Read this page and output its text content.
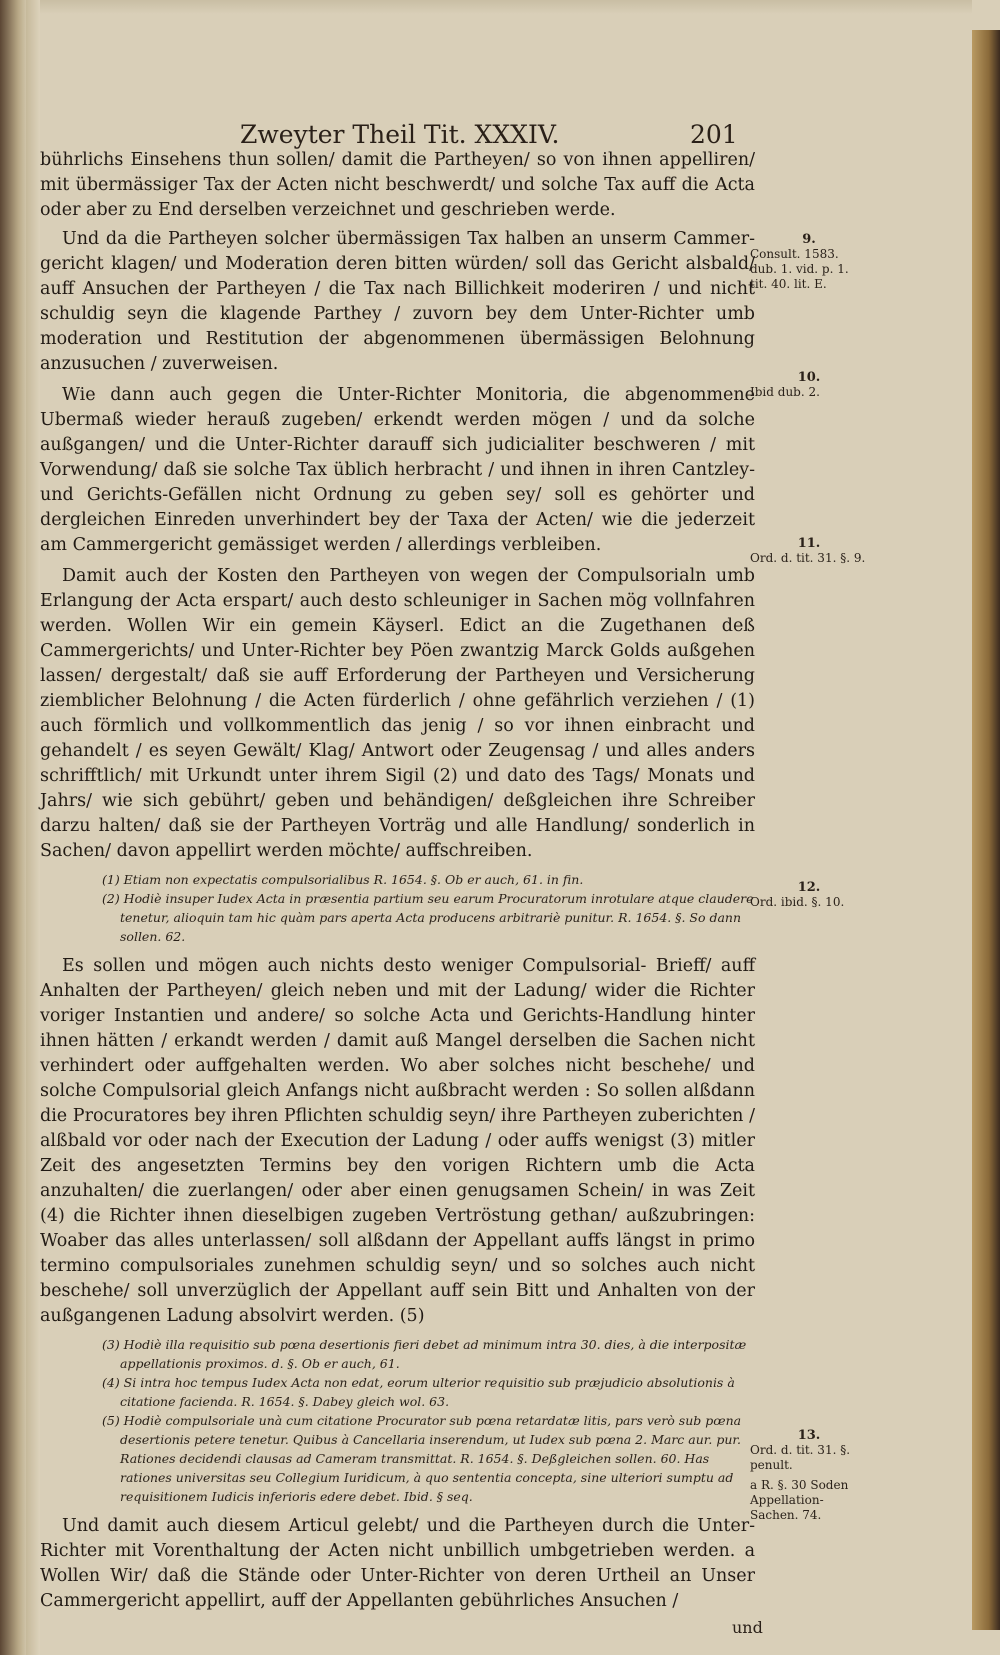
Zweyter Theil Tit. XXXIV.	201

bührlichs Einsehens thun sollen/ damit die Partheyen/ so von ihnen appelliren/ mit übermässiger Tax der Acten nicht beschwerdt/ und solche Tax auff die Acta oder aber zu End derselben verzeichnet und geschrieben werde.

Und da die Partheyen solcher übermässigen Tax halben an unserm Cammer-gericht klagen/ und Moderation deren bitten würden/ soll das Gericht alsbald/ auff Ansuchen der Partheyen / die Tax nach Billichkeit moderiren / und nicht schuldig seyn die klagende Parthey / zuvorn bey dem Unter-Richter umb moderation und Restitution der abgenommenen übermässigen Belohnung anzusuchen / zuverweisen.

Wie dann auch gegen die Unter-Richter Monitoria, die abgenommene Ubermaß wieder herauß zugeben/ erkendt werden mögen / und da solche außgangen/ und die Unter-Richter darauff sich judicialiter beschweren / mit Vorwendung/ daß sie solche Tax üblich herbracht / und ihnen in ihren Cantzley- und Gerichts-Gefällen nicht Ordnung zu geben sey/ soll es gehörter und dergleichen Einreden unverhindert bey der Taxa der Acten/ wie die jederzeit am Cammergericht gemässiget werden / allerdings verbleiben.

Damit auch der Kosten den Partheyen von wegen der Compulsorialn umb Erlangung der Acta erspart/ auch desto schleuniger in Sachen mög vollnfahren werden. Wollen Wir ein gemein Käyserl. Edict an die Zugethanen deß Cammergerichts/ und Unter-Richter bey Pöen zwantzig Marck Golds außgehen lassen/ dergestalt/ daß sie auff Erforderung der Partheyen und Versicherung ziemblicher Belohnung / die Acten fürderlich / ohne gefährlich verziehen / (1) auch förmlich und vollkommentlich das jenig / so vor ihnen einbracht und gehandelt / es seyen Gewält/ Klag/ Antwort oder Zeugensag / und alles anders schrifftlich/ mit Urkundt unter ihrem Sigil (2) und dato des Tags/ Monats und Jahrs/ wie sich gebührt/ geben und behändigen/ deßgleichen ihre Schreiber darzu halten/ daß sie der Partheyen Vorträg und alle Handlung/ sonderlich in Sachen/ davon appellirt werden möchte/ auffschreiben.

(1) Etiam non expectatis compulsorialibus R. 1654. §. Ob er auch, 61. in fin.

(2) Hodiè insuper Iudex Acta in præsentia partium seu earum Procuratorum inrotulare atque claudere tenetur, alioquin tam hic quàm pars aperta Acta producens arbitrariè punitur. R. 1654. §. So dann sollen. 62.

Es sollen und mögen auch nichts desto weniger Compulsorial- Brieff/ auff Anhalten der Partheyen/ gleich neben und mit der Ladung/ wider die Richter voriger Instantien und andere/ so solche Acta und Gerichts-Handlung hinter ihnen hätten / erkandt werden / damit auß Mangel derselben die Sachen nicht verhindert oder auffgehalten werden. Wo aber solches nicht beschehe/ und solche Compulsorial gleich Anfangs nicht außbracht werden : So sollen alßdann die Procuratores bey ihren Pflichten schuldig seyn/ ihre Partheyen zuberichten / alßbald vor oder nach der Execution der Ladung / oder auffs wenigst (3) mitler Zeit des angesetzten Termins bey den vorigen Richtern umb die Acta anzuhalten/ die zuerlangen/ oder aber einen genugsamen Schein/ in was Zeit (4) die Richter ihnen dieselbigen zugeben Vertröstung gethan/ außzubringen: Woaber das alles unterlassen/ soll alßdann der Appellant auffs längst in primo termino compulsoriales zunehmen schuldig seyn/ und so solches auch nicht beschehe/ soll unverzüglich der Appellant auff sein Bitt und Anhalten von der außgangenen Ladung absolvirt werden. (5)

(3) Hodiè illa requisitio sub pœna desertionis fieri debet ad minimum intra 30. dies, à die interpositæ appellationis proximos. d. §. Ob er auch, 61.

(4) Si intra hoc tempus Iudex Acta non edat, eorum ulterior requisitio sub præjudicio absolutionis à citatione facienda. R. 1654. §. Dabey gleich wol. 63.

(5) Hodiè compulsoriale unà cum citatione Procurator sub pœna retardatæ litis, pars verò sub pœna desertionis petere tenetur. Quibus à Cancellaria inserendum, ut Iudex sub pœna 2. Marc aur. pur. Rationes decidendi clausas ad Cameram transmittat. R. 1654. §. Deßgleichen sollen. 60. Has rationes universitas seu Collegium Iuridicum, à quo sententia concepta, sine ulteriori sumptu ad requisitionem Iudicis inferioris edere debet. Ibid. § seq.

Und damit auch diesem Articul gelebt/ und die Partheyen durch die Unter-Richter mit Vorenthaltung der Acten nicht unbillich umbgetrieben werden. a Wollen Wir/ daß die Stände oder Unter-Richter von deren Urtheil an Unser Cammergericht appellirt, auff der Appellanten gebührliches Ansuchen /

9.
Consult. 1583. dub. 1. vid. p. 1. tit. 40. lit. E.
10.
Ibid dub. 2.
11.
Ord. d. tit. 31. §. 9.
12.
Ord. ibid. §. 10.
13.
Ord. d. tit. 31. §. penult.
a R. §. 30 Soden Appellation-Sachen. 74.
und
